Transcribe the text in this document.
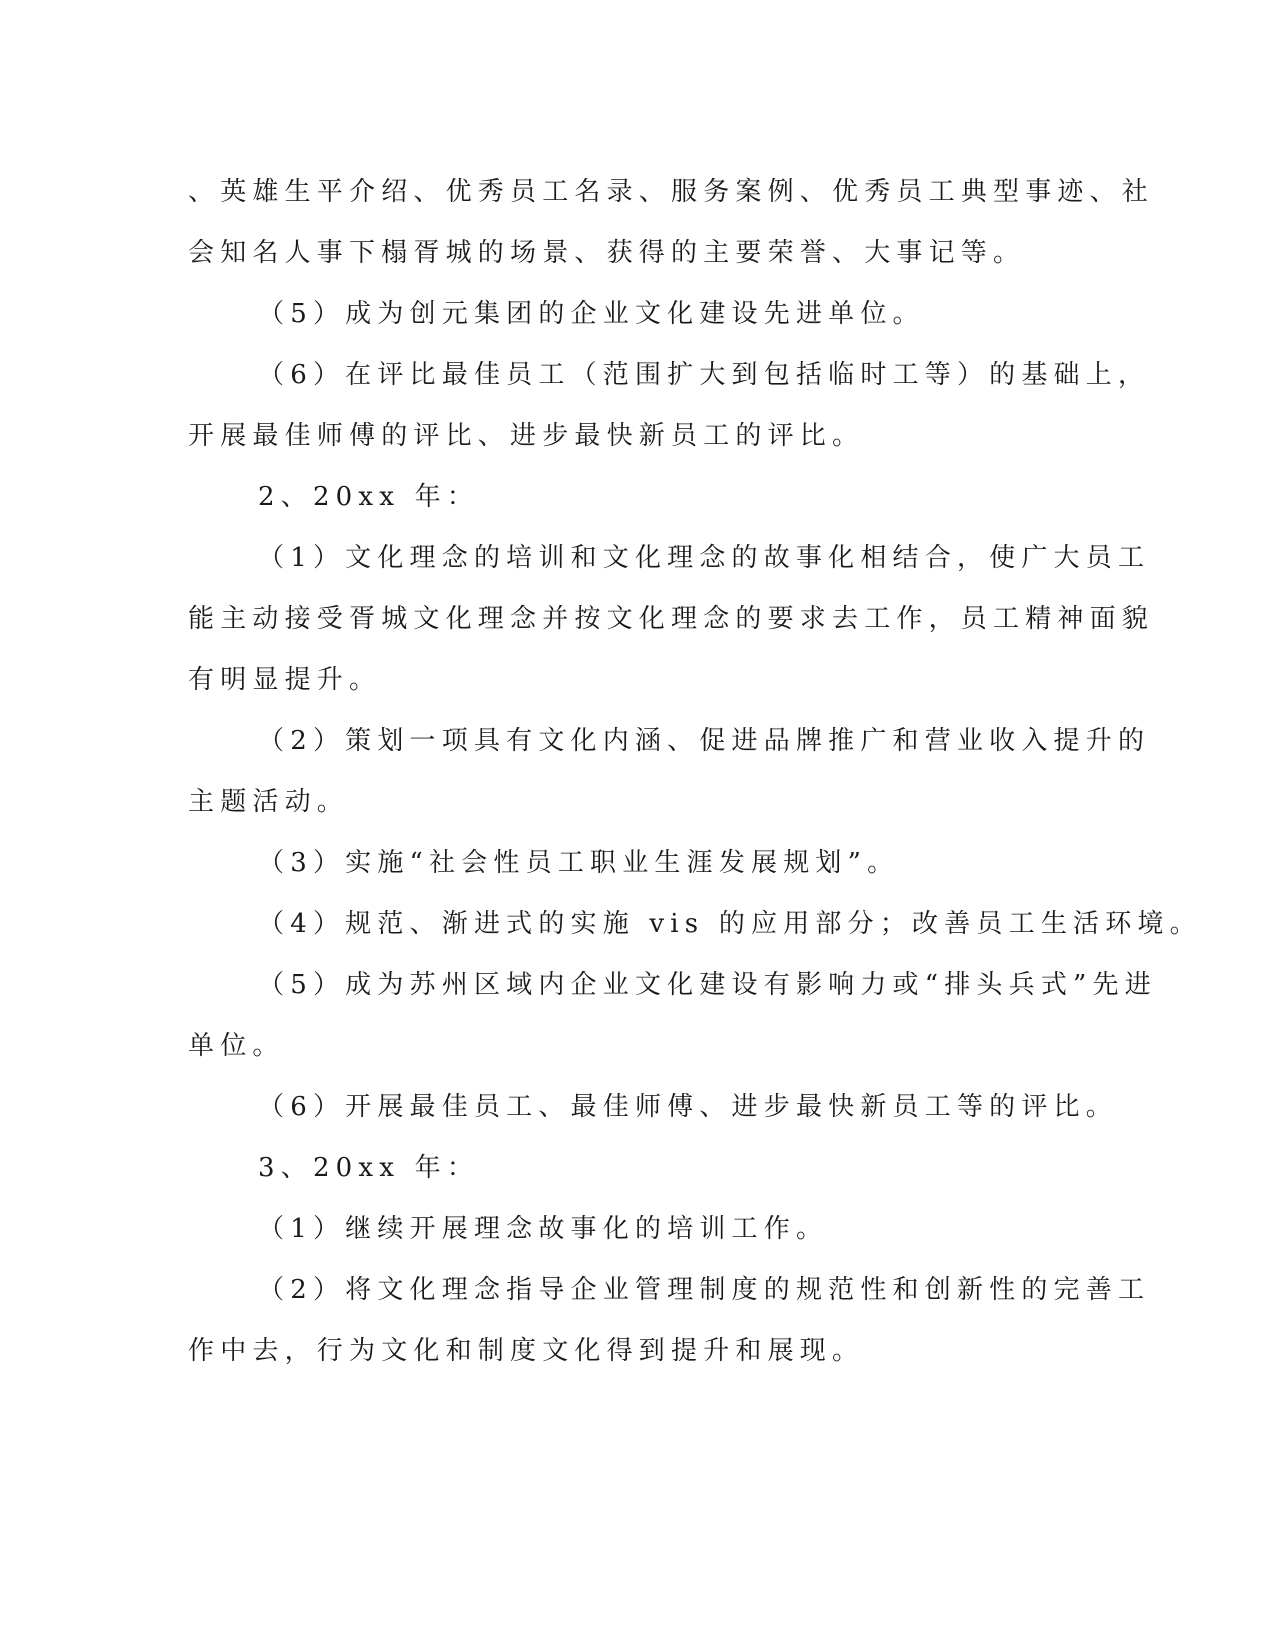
、英雄生平介绍、优秀员工名录、服务案例、优秀员工典型事迹、社
会知名人事下榻胥城的场景、获得的主要荣誉、大事记等。
（5）成为创元集团的企业文化建设先进单位。
（6）在评比最佳员工（范围扩大到包括临时工等）的基础上，
开展最佳师傅的评比、进步最快新员工的评比。
2、20xx 年：
（1）文化理念的培训和文化理念的故事化相结合，使广大员工
能主动接受胥城文化理念并按文化理念的要求去工作，员工精神面貌
有明显提升。
（2）策划一项具有文化内涵、促进品牌推广和营业收入提升的
主题活动。
（3）实施“社会性员工职业生涯发展规划”。
（4）规范、渐进式的实施 vis 的应用部分；改善员工生活环境。
（5）成为苏州区域内企业文化建设有影响力或“排头兵式”先进
单位。
（6）开展最佳员工、最佳师傅、进步最快新员工等的评比。
3、20xx 年：
（1）继续开展理念故事化的培训工作。
（2）将文化理念指导企业管理制度的规范性和创新性的完善工
作中去，行为文化和制度文化得到提升和展现。
